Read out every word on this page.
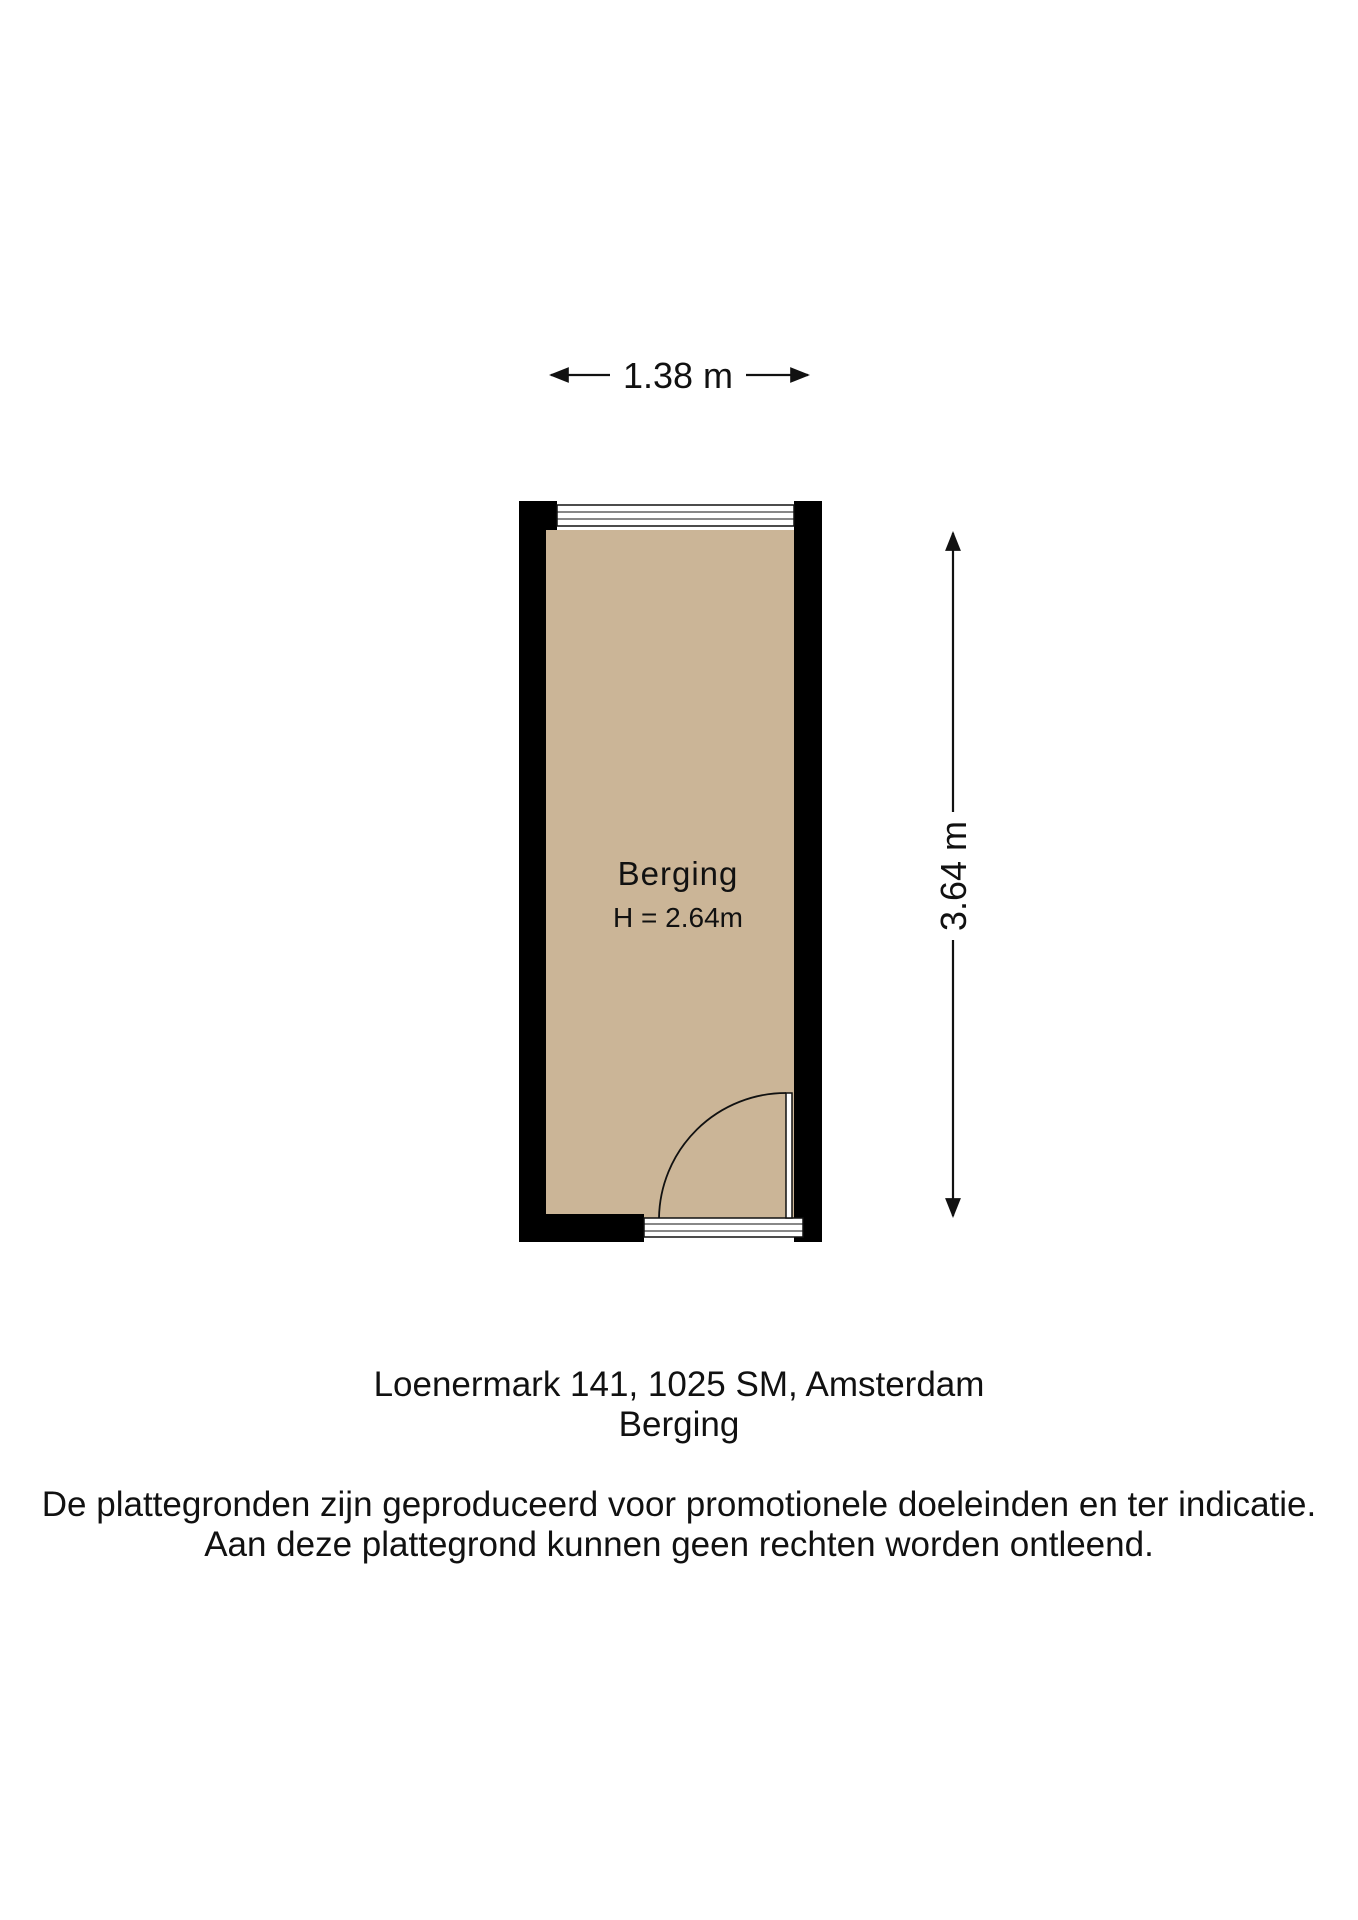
1.38 m
Berging
H = 2.64m	3.64 m
Loenermark 141, 1025 SM, Amsterdam
Berging
De plattegronden zijn geproduceerd voor promotionele doeleinden en ter indicatie.
Aan deze plattegrond kunnen geen rechten worden ontleend.
